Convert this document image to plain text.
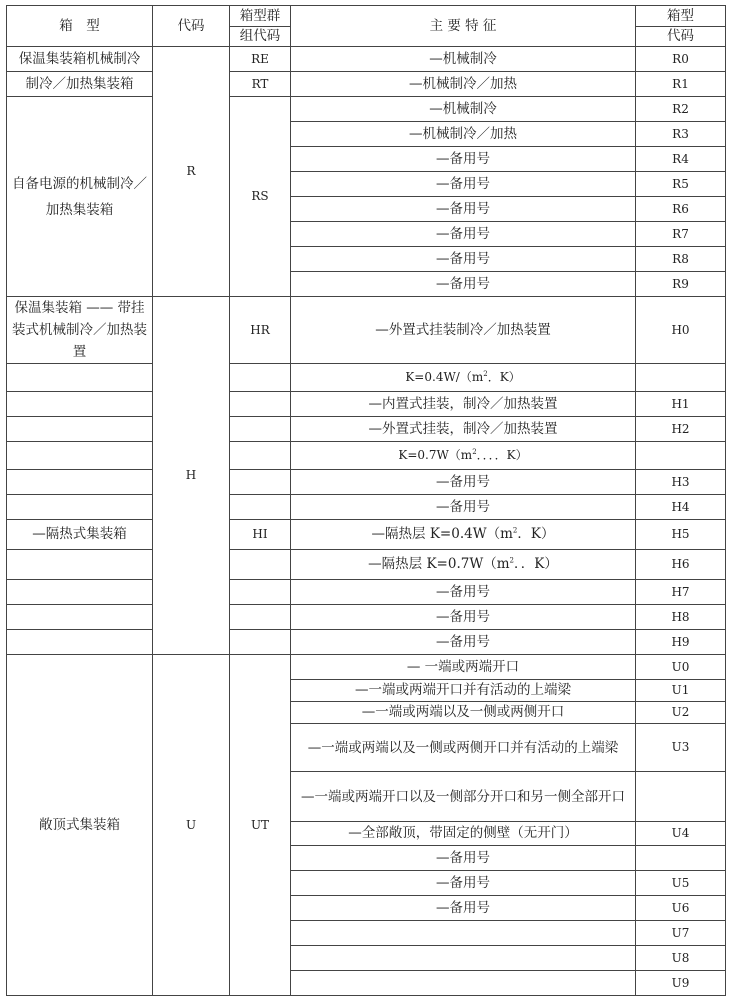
箱　型	代码	箱型群	主 要 特 征	箱型
		组代码		代码
保温集装箱机械制冷	R	RE	—机械制冷	R0
制冷／加热集装箱		RT	—机械制冷／加热	R1
自备电源的机械制冷／加热集装箱		RS	—机械制冷	R2
			—机械制冷／加热	R3
			—备用号	R4
			—备用号	R5
			—备用号	R6
			—备用号	R7
			—备用号	R8
			—备用号	R9
保温集装箱 —— 带挂装式机械制冷／加热装置	H	HR	—外置式挂装制冷／加热装置	H0
			$K=0.4W/(m^2$．K）	
			—内置式挂装，制冷／加热装置	H1
			—外置式挂装，制冷／加热装置	H2
			$K=0.7W(m^2$．．．．K）	
			—备用号	H3
			—备用号	H4
—隔热式集装箱		HI	—隔热层 $K=0.4W(m^2$．K）	H5
			—隔热层 $K=0.7W(m^2$．．K）	H6
			—备用号	H7
			—备用号	H8
			—备用号	H9
敞顶式集装箱	U	UT	— 一端或两端开口	U0
			—一端或两端开口并有活动的上端梁	U1
			—一端或两端以及一侧或两侧开口	U2
			—一端或两端以及一侧或两侧开口并有活动的上端梁	U3
			—一端或两端开口以及一侧部分开口和另一侧全部开口	
			—全部敞顶，带固定的侧壁（无开门）	U4
			—备用号	
			—备用号	U5
			—备用号	U6
				U7
				U8
				U9
